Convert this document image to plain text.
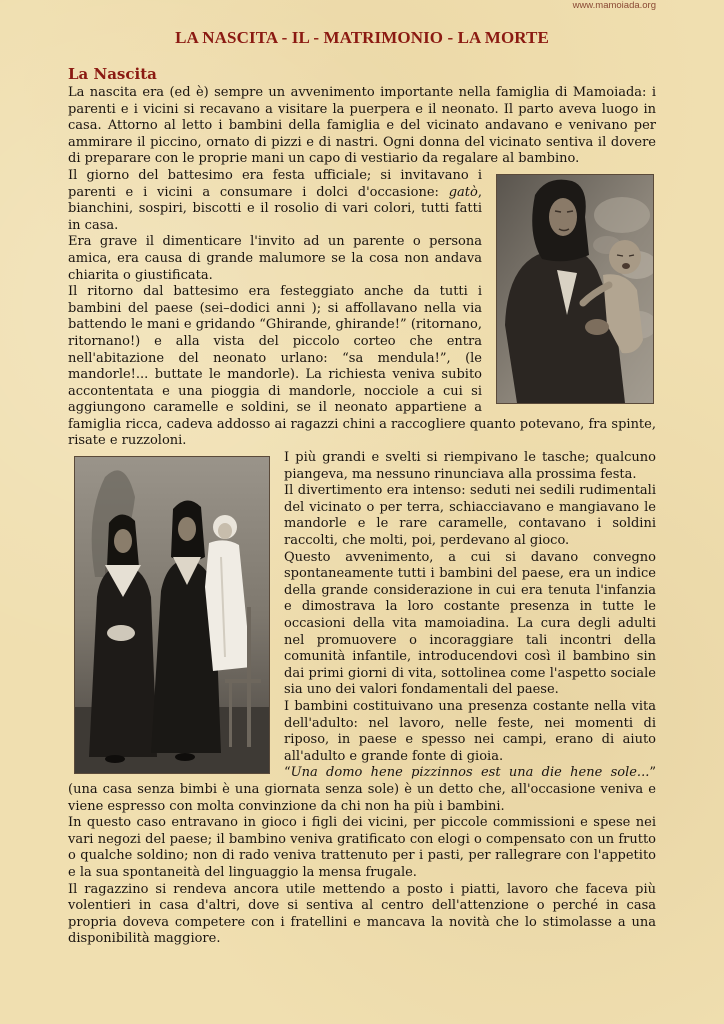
www.mamoiada.org
LA NASCITA - IL - MATRIMONIO - LA MORTE
La Nascita

La nascita era (ed è) sempre un avvenimento importante nella famiglia di Mamoiada: i parenti e i vicini si recavano a visitare la puerpera e il neonato. Il parto aveva luogo in casa. Attorno al letto i bambini della famiglia e del vicinato andavano e venivano per ammirare il piccino, ornato di pizzi e di nastri. Ogni donna del vicinato sentiva il dovere di preparare con le proprie mani un capo di vestiario da regalare al bambino.

Il giorno del battesimo era festa ufficiale; si invitavano i parenti e i vicini a consumare i dolci d'occasione: gatò, bianchini, sospiri, biscotti e il rosolio di vari colori, tutti fatti in casa.

Era grave il dimenticare l'invito ad un parente o persona amica, era causa di grande malumore se la cosa non andava chiarita o giustificata.

Il ritorno dal battesimo era festeggiato anche da tutti i bambini del paese (sei–dodici anni ); si affollavano nella via battendo le mani e gridando “Ghirande, ghirande!” (ritornano, ritornano!) e alla vista del piccolo corteo che entra nell'abitazione del neonato urlano: “sa mendula!”, (le mandorle!... buttate le mandorle). La richiesta veniva subito accontentata e una pioggia di mandorle, nocciole a cui si aggiungono caramelle e soldini, se il neonato appartiene a famiglia ricca, cadeva addosso ai ragazzi chini a raccogliere quanto potevano, fra spinte, risate e ruzzoloni.

I più grandi e svelti si riempivano le tasche; qualcuno piangeva, ma nessuno rinunciava alla prossima festa.

Il divertimento era intenso: seduti nei sedili rudimentali del vicinato o per terra, schiacciavano e mangiavano le mandorle e le rare caramelle, contavano i soldini raccolti, che molti, poi, perdevano al gioco.

Questo avvenimento, a cui si davano convegno spontaneamente tutti i bambini del paese, era un indice della grande considerazione in cui era tenuta l'infanzia e dimostrava la loro costante presenza in tutte le occasioni della vita mamoiadina. La cura degli adulti nel promuovere o incoraggiare tali incontri della comunità infantile, introducendovi così il bambino sin dai primi giorni di vita, sottolinea come l'aspetto sociale sia uno dei valori fondamentali del paese.

I bambini costituivano una presenza costante nella vita dell'adulto: nel lavoro, nelle feste, nei momenti di riposo, in paese e spesso nei campi, erano di aiuto all'adulto e grande fonte di gioia.

“Una domo hene pizzinnos est una die hene sole...” (una casa senza bimbi è una giornata senza sole) è un detto che, all'occasione veniva e viene espresso con molta convinzione da chi non ha più i bambini.

In questo caso entravano in gioco i figli dei vicini, per piccole commissioni e spese nei vari negozi del paese; il bambino veniva gratificato con elogi o compensato con un frutto o qualche soldino; non di rado veniva trattenuto per i pasti, per rallegrare con l'appetito e la sua spontaneità del linguaggio la mensa frugale.

Il ragazzino si rendeva ancora utile mettendo a posto i piatti, lavoro che faceva più volentieri in casa d'altri, dove si sentiva al centro dell'attenzione o perché in casa propria doveva competere con i fratellini e mancava la novità che lo stimolasse a una disponibilità maggiore.
